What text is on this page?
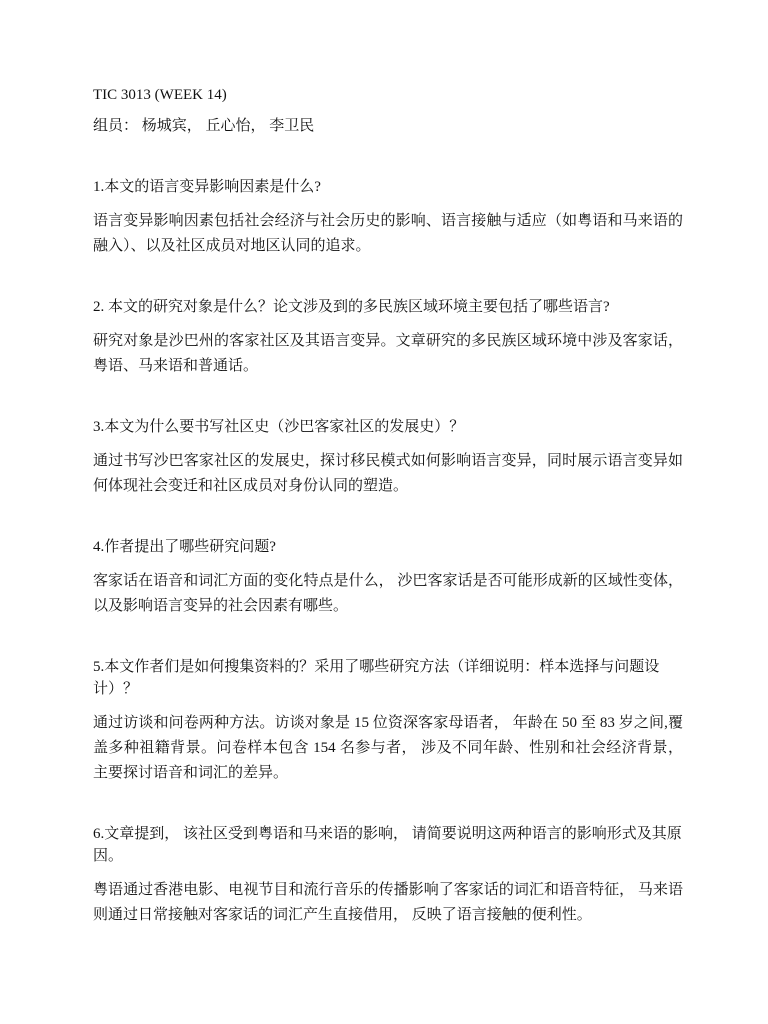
TIC 3013 (WEEK 14)

组员： 杨城宾， 丘心怡， 李卫民

1.本文的语言变异影响因素是什么?

语言变异影响因素包括社会经济与社会历史的影响、语言接触与适应（如粤语和马来语的融入）、以及社区成员对地区认同的追求。

2. 本文的研究对象是什么？论文涉及到的多民族区域环境主要包括了哪些语言?

研究对象是沙巴州的客家社区及其语言变异。文章研究的多民族区域环境中涉及客家话，粤语、马来语和普通话。

3.本文为什么要书写社区史（沙巴客家社区的发展史）？

通过书写沙巴客家社区的发展史，探讨移民模式如何影响语言变异，同时展示语言变异如何体现社会变迁和社区成员对身份认同的塑造。

4.作者提出了哪些研究问题?

客家话在语音和词汇方面的变化特点是什么， 沙巴客家话是否可能形成新的区域性变体， 以及影响语言变异的社会因素有哪些。

5.本文作者们是如何搜集资料的？采用了哪些研究方法（详细说明：样本选择与问题设计）？

通过访谈和问卷两种方法。访谈对象是 15 位资深客家母语者， 年龄在 50 至 83 岁之间,覆盖多种祖籍背景。问卷样本包含 154 名参与者， 涉及不同年龄、性别和社会经济背景， 主要探讨语音和词汇的差异。

6.文章提到， 该社区受到粤语和马来语的影响， 请简要说明这两种语言的影响形式及其原因。

粤语通过香港电影、电视节目和流行音乐的传播影响了客家话的词汇和语音特征， 马来语则通过日常接触对客家话的词汇产生直接借用， 反映了语言接触的便利性。
